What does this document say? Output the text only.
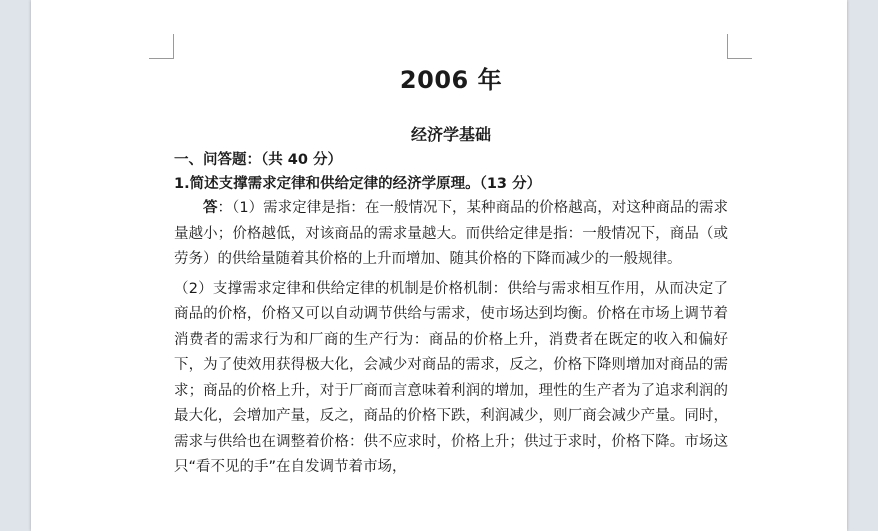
2006 年
经济学基础
一、问答题：（共 40 分）
1.简述支撑需求定律和供给定律的经济学原理。（13 分）

答：（1）需求定律是指：在一般情况下，某种商品的价格越高，对这种商品的需求量越小；价格越低，对该商品的需求量越大。而供给定律是指：一般情况下，商品（或劳务）的供给量随着其价格的上升而增加、随其价格的下降而减少的一般规律。

（2）支撑需求定律和供给定律的机制是价格机制：供给与需求相互作用，从而决定了商品的价格，价格又可以自动调节供给与需求，使市场达到均衡。价格在市场上调节着消费者的需求行为和厂商的生产行为：商品的价格上升，消费者在既定的收入和偏好下，为了使效用获得极大化，会减少对商品的需求，反之，价格下降则增加对商品的需求；商品的价格上升，对于厂商而言意味着利润的增加，理性的生产者为了追求利润的最大化，会增加产量，反之，商品的价格下跌，利润减少，则厂商会减少产量。同时，需求与供给也在调整着价格：供不应求时，价格上升；供过于求时，价格下降。市场这只“看不见的手”在自发调节着市场，
